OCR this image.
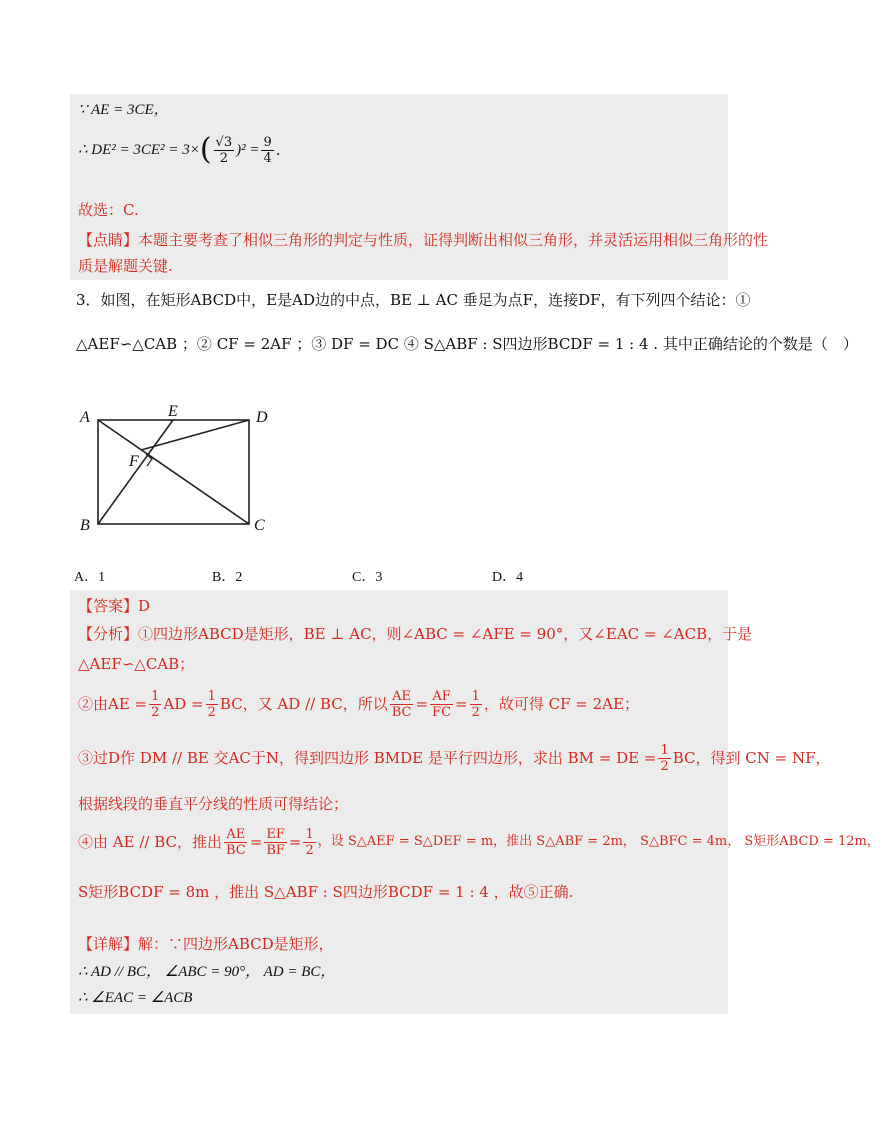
∵ AE = 3CE，
∴ DE² = 3CE² = 3× ( $\frac{√3}{2} )^2 = \frac{9}{4}$ .
故选：C.
【点睛】本题主要考查了相似三角形的判定与性质，证得判断出相似三角形，并灵活运用相似三角形的性
质是解题关键.
3．如图，在矩形ABCD中，E是AD边的中点，BE ⊥ AC 垂足为点F，连接DF，有下列四个结论：①
△AEF∽△CAB ；② CF = 2AF ；③ DF = DC ④ S△ABF : S四边形BCDF = 1 : 4 . 其中正确结论的个数是（　）
A	E	D
F
B	C
A．1	B．2	C．3	D．4
【答案】D
【分析】①四边形ABCD是矩形，BE ⊥ AC，则∠ABC = ∠AFE = 90°，又∠EAC = ∠ACB，于是
△AEF∽△CAB；
②由AE = $\frac{1}{2}$ AD = $\frac{1}{2}$ BC，又 AD // BC，所以 $\frac{AE}{BC} = \frac{AF}{FC} = \frac{1}{2}$ ，故可得 CF = 2AE；
③过D作 DM // BE 交AC于N，得到四边形 BMDE 是平行四边形，求出 BM = DE = $\frac{1}{2}$ BC，得到 CN = NF，
根据线段的垂直平分线的性质可得结论；
④由 AE // BC，推出 $\frac{AE}{BC} = \frac{EF}{BF} = \frac{1}{2}$ ，设 S△AEF = S△DEF = m，推出 S△ABF = 2m， S△BFC = 4m， S矩形ABCD = 12m，
S矩形BCDF = 8m ，推出 S△ABF : S四边形BCDF = 1 : 4 ，故⑤正确.
【详解】解：∵四边形ABCD是矩形，
∴ AD // BC， ∠ABC = 90°， AD = BC，
∴ ∠EAC = ∠ACB
